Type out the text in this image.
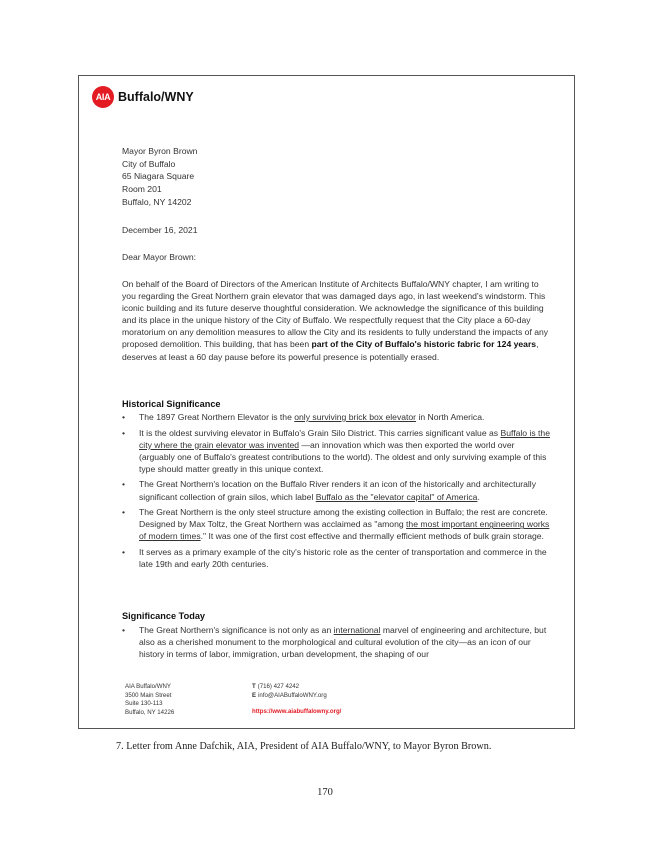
AIA Buffalo/WNY
Mayor Byron Brown
City of Buffalo
65 Niagara Square
Room 201
Buffalo, NY 14202
December 16, 2021
Dear Mayor Brown:

On behalf of the Board of Directors of the American Institute of Architects Buffalo/WNY chapter, I am writing to you regarding the Great Northern grain elevator that was damaged days ago, in last weekend's windstorm. This iconic building and its future deserve thoughtful consideration. We acknowledge the significance of this building and its place in the unique history of the City of Buffalo. We respectfully request that the City place a 60-day moratorium on any demolition measures to allow the City and its residents to fully understand the impacts of any proposed demolition. This building, that has been part of the City of Buffalo's historic fabric for 124 years, deserves at least a 60 day pause before its powerful presence is potentially erased.

Historical Significance
• The 1897 Great Northern Elevator is the only surviving brick box elevator in North America.
• It is the oldest surviving elevator in Buffalo's Grain Silo District. This carries significant value as Buffalo is the city where the grain elevator was invented —an innovation which was then exported the world over (arguably one of Buffalo's greatest contributions to the world). The oldest and only surviving example of this type should matter greatly in this unique context.
• The Great Northern's location on the Buffalo River renders it an icon of the historically and architecturally significant collection of grain silos, which label Buffalo as the "elevator capital" of America.
• The Great Northern is the only steel structure among the existing collection in Buffalo; the rest are concrete. Designed by Max Toltz, the Great Northern was acclaimed as "among the most important engineering works of modern times." It was one of the first cost effective and thermally efficient methods of bulk grain storage.
• It serves as a primary example of the city's historic role as the center of transportation and commerce in the late 19th and early 20th centuries.
Significance Today
• The Great Northern's significance is not only as an international marvel of engineering and architecture, but also as a cherished monument to the morphological and cultural evolution of the city—as an icon of our history in terms of labor, immigration, urban development, the shaping of our
AIA Buffalo/WNY
3500 Main Street
Suite 130-113
Buffalo, NY 14226
T (716) 427 4242
E info@AIABuffaloWNY.org
https://www.aiabuffalowny.org/
7. Letter from Anne Dafchik, AIA, President of AIA Buffalo/WNY, to Mayor Byron Brown.
170
